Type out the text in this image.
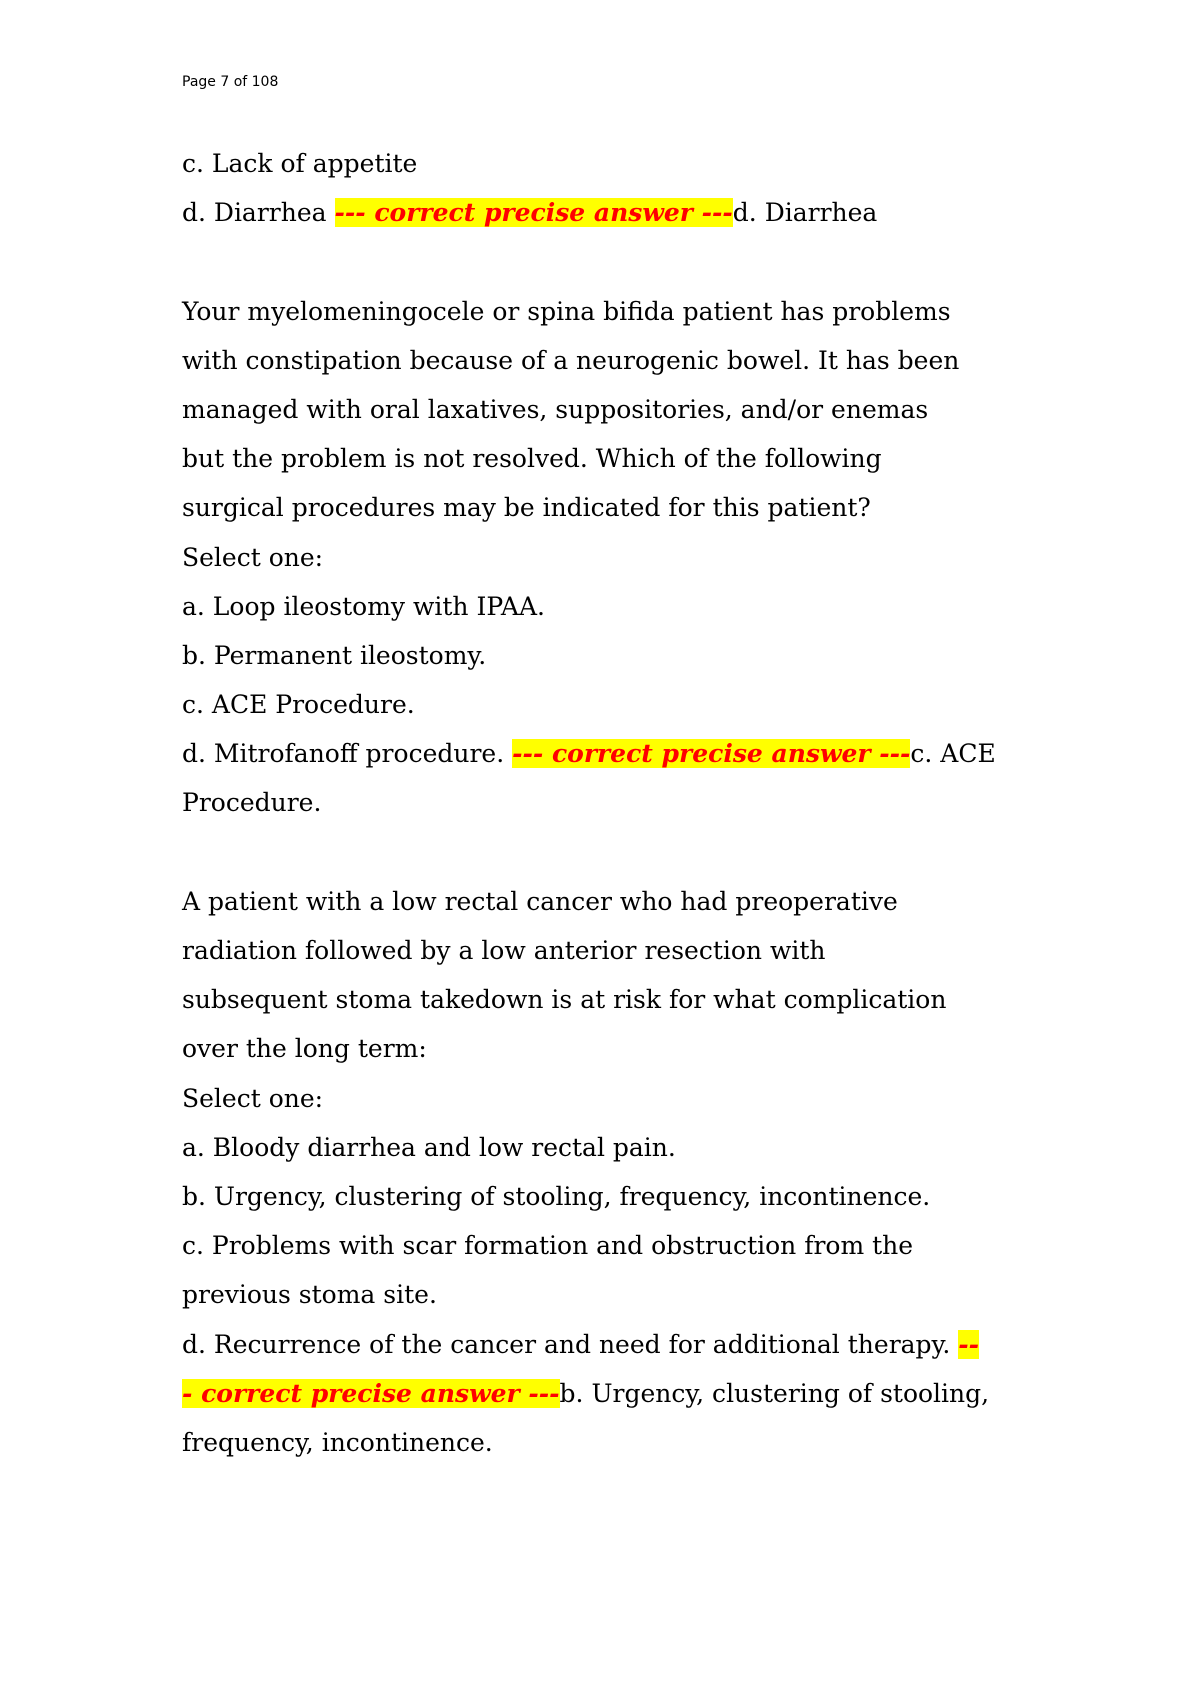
Page 7 of 108
c. Lack of appetite
d. Diarrhea --- correct precise answer ---d. Diarrhea
Your myelomeningocele or spina bifida patient has problems
with constipation because of a neurogenic bowel. It has been
managed with oral laxatives, suppositories, and/or enemas
but the problem is not resolved. Which of the following
surgical procedures may be indicated for this patient?
Select one:
a. Loop ileostomy with IPAA.
b. Permanent ileostomy.
c. ACE Procedure.
d. Mitrofanoff procedure. --- correct precise answer ---c. ACE
Procedure.
A patient with a low rectal cancer who had preoperative
radiation followed by a low anterior resection with
subsequent stoma takedown is at risk for what complication
over the long term:
Select one:
a. Bloody diarrhea and low rectal pain.
b. Urgency, clustering of stooling, frequency, incontinence.
c. Problems with scar formation and obstruction from the
previous stoma site.
d. Recurrence of the cancer and need for additional therapy. --
- correct precise answer ---b. Urgency, clustering of stooling,
frequency, incontinence.
